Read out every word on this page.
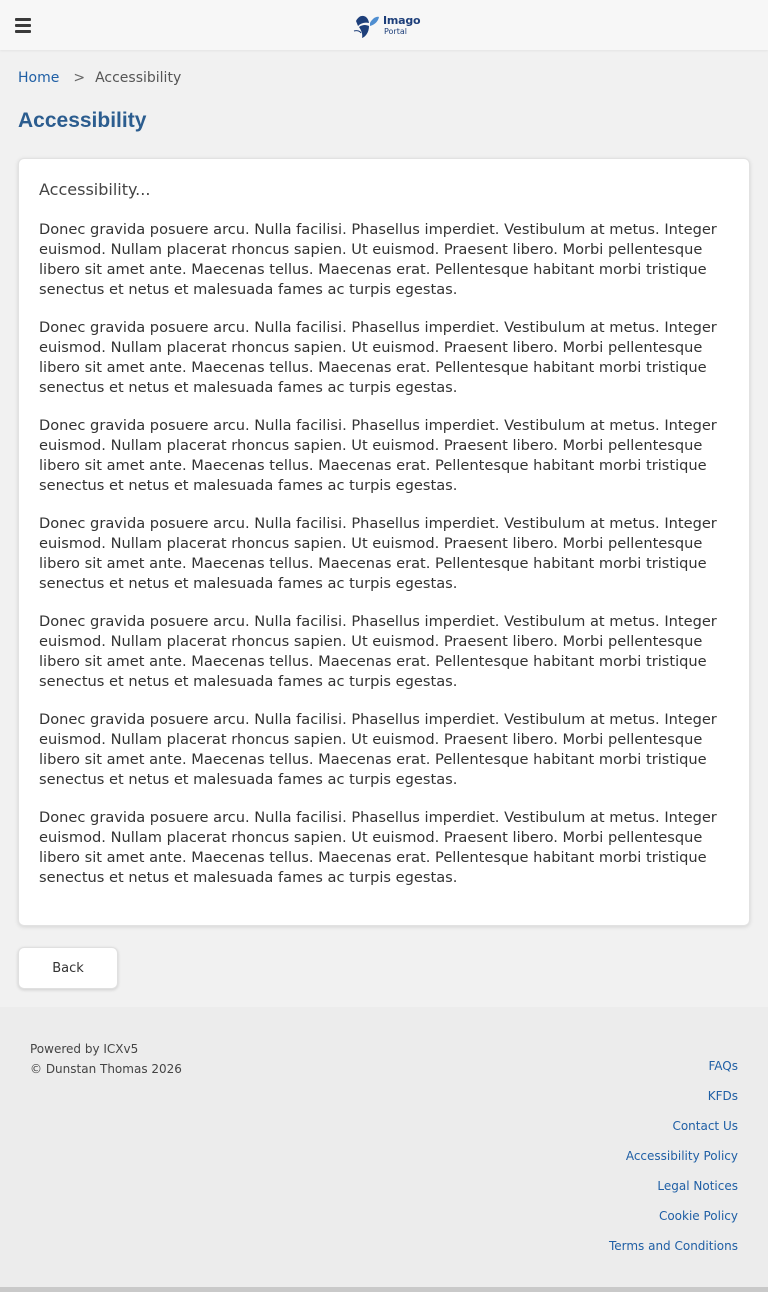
Imago
Portal
Home > Accessibility
Accessibility
Accessibility...

Donec gravida posuere arcu. Nulla facilisi. Phasellus imperdiet. Vestibulum at metus. Integer euismod. Nullam placerat rhoncus sapien. Ut euismod. Praesent libero. Morbi pellentesque libero sit amet ante. Maecenas tellus. Maecenas erat. Pellentesque habitant morbi tristique senectus et netus et malesuada fames ac turpis egestas.

Donec gravida posuere arcu. Nulla facilisi. Phasellus imperdiet. Vestibulum at metus. Integer euismod. Nullam placerat rhoncus sapien. Ut euismod. Praesent libero. Morbi pellentesque libero sit amet ante. Maecenas tellus. Maecenas erat. Pellentesque habitant morbi tristique senectus et netus et malesuada fames ac turpis egestas.

Donec gravida posuere arcu. Nulla facilisi. Phasellus imperdiet. Vestibulum at metus. Integer euismod. Nullam placerat rhoncus sapien. Ut euismod. Praesent libero. Morbi pellentesque libero sit amet ante. Maecenas tellus. Maecenas erat. Pellentesque habitant morbi tristique senectus et netus et malesuada fames ac turpis egestas.

Donec gravida posuere arcu. Nulla facilisi. Phasellus imperdiet. Vestibulum at metus. Integer euismod. Nullam placerat rhoncus sapien. Ut euismod. Praesent libero. Morbi pellentesque libero sit amet ante. Maecenas tellus. Maecenas erat. Pellentesque habitant morbi tristique senectus et netus et malesuada fames ac turpis egestas.

Donec gravida posuere arcu. Nulla facilisi. Phasellus imperdiet. Vestibulum at metus. Integer euismod. Nullam placerat rhoncus sapien. Ut euismod. Praesent libero. Morbi pellentesque libero sit amet ante. Maecenas tellus. Maecenas erat. Pellentesque habitant morbi tristique senectus et netus et malesuada fames ac turpis egestas.

Donec gravida posuere arcu. Nulla facilisi. Phasellus imperdiet. Vestibulum at metus. Integer euismod. Nullam placerat rhoncus sapien. Ut euismod. Praesent libero. Morbi pellentesque libero sit amet ante. Maecenas tellus. Maecenas erat. Pellentesque habitant morbi tristique senectus et netus et malesuada fames ac turpis egestas.

Donec gravida posuere arcu. Nulla facilisi. Phasellus imperdiet. Vestibulum at metus. Integer euismod. Nullam placerat rhoncus sapien. Ut euismod. Praesent libero. Morbi pellentesque libero sit amet ante. Maecenas tellus. Maecenas erat. Pellentesque habitant morbi tristique senectus et netus et malesuada fames ac turpis egestas.

Back
Powered by ICXv5
© Dunstan Thomas 2026	FAQs
KFDs
Contact Us
Accessibility Policy
Legal Notices
Cookie Policy
Terms and Conditions
